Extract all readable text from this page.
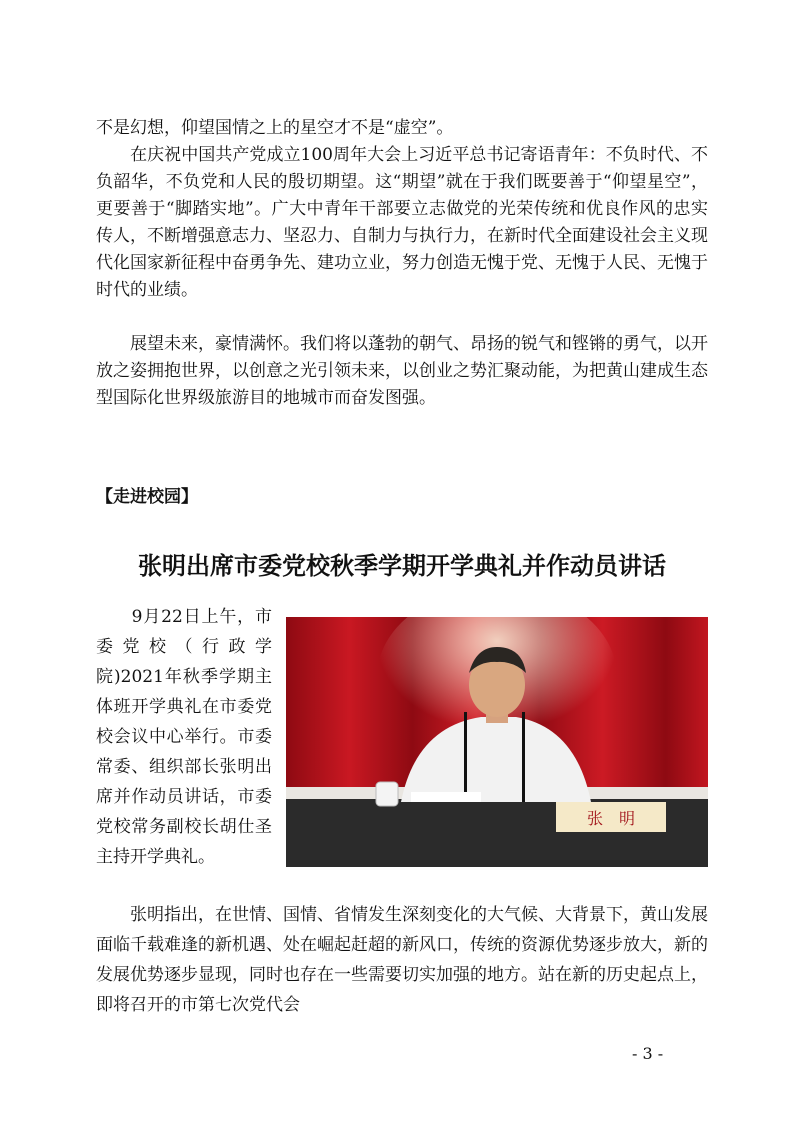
不是幻想，仰望国情之上的星空才不是“虚空”。

　　在庆祝中国共产党成立100周年大会上习近平总书记寄语青年：不负时代、不负韶华，不负党和人民的殷切期望。这“期望”就在于我们既要善于“仰望星空”，更要善于“脚踏实地”。广大中青年干部要立志做党的光荣传统和优良作风的忠实传人，不断增强意志力、坚忍力、自制力与执行力，在新时代全面建设社会主义现代化国家新征程中奋勇争先、建功立业，努力创造无愧于党、无愧于人民、无愧于时代的业绩。

　　展望未来，豪情满怀。我们将以蓬勃的朝气、昂扬的锐气和铿锵的勇气，以开放之姿拥抱世界，以创意之光引领未来，以创业之势汇聚动能，为把黄山建成生态型国际化世界级旅游目的地城市而奋发图强。

【走进校园】

张明出席市委党校秋季学期开学典礼并作动员讲话

　　9月22日上午，市委党校（行政学院)2021年秋季学期主体班开学典礼在市委党校会议中心举行。市委常委、组织部长张明出席并作动员讲话，市委党校常务副校长胡仕圣主持开学典礼。

张　明

　　张明指出，在世情、国情、省情发生深刻变化的大气候、大背景下，黄山发展面临千载难逢的新机遇、处在崛起赶超的新风口，传统的资源优势逐步放大，新的发展优势逐步显现，同时也存在一些需要切实加强的地方。站在新的历史起点上，即将召开的市第七次党代会

- 3 -
